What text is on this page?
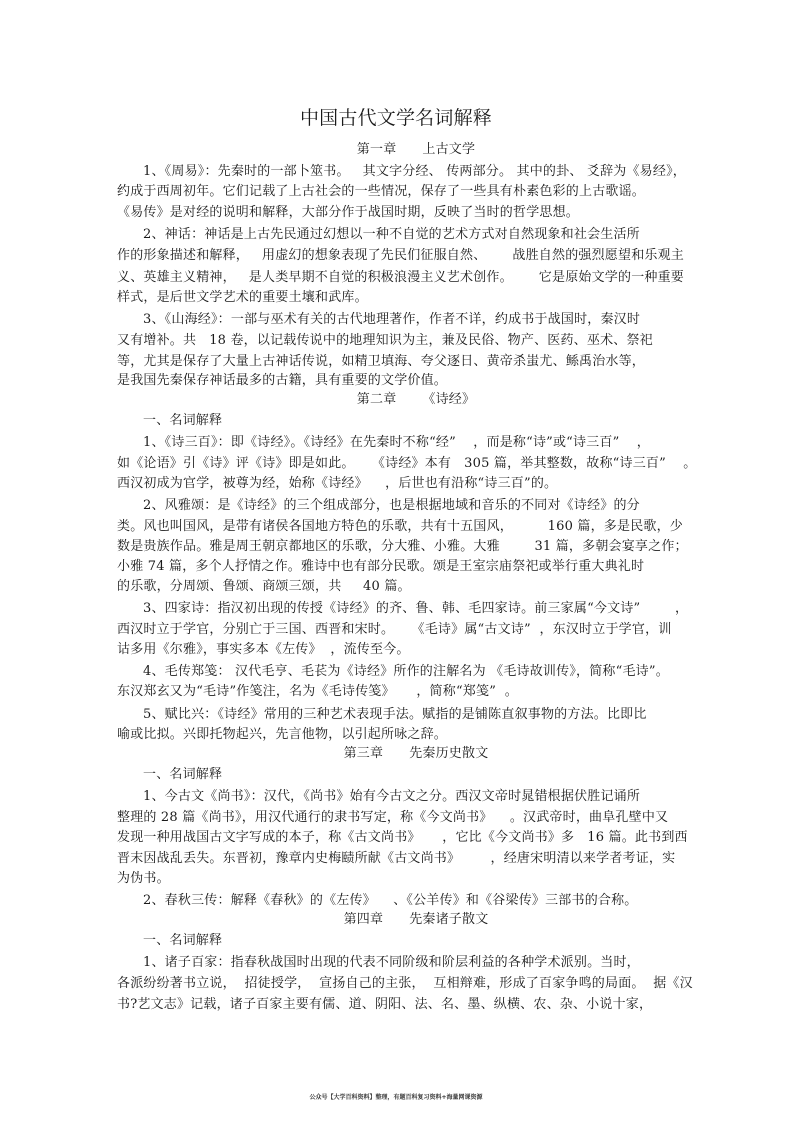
中国古代文学名词解释
第一章      上古文学
1、《周易》：先秦时的一部卜筮书。   其文字分经、 传两部分。 其中的卦、 爻辞为《易经》，
约成于西周初年。它们记载了上古社会的一些情况，保存了一些具有朴素色彩的上古歌谣。
《易传》是对经的说明和解释，大部分作于战国时期，反映了当时的哲学思想。
2、神话：神话是上古先民通过幻想以一种不自觉的艺术方式对自然现象和社会生活所
作的形象描述和解释，   用虚幻的想象表现了先民们征服自然、      战胜自然的强烈愿望和乐观主
义、英雄主义精神，   是人类早期不自觉的积极浪漫主义艺术创作。      它是原始文学的一种重要
样式，是后世文学艺术的重要土壤和武库。
3、《山海经》：一部与巫术有关的古代地理著作，作者不详，约成书于战国时，秦汉时
又有增补。共   18 卷，以记载传说中的地理知识为主，兼及民俗、物产、医药、巫术、祭祀
等，尤其是保存了大量上古神话传说，如精卫填海、夸父逐日、黄帝杀蚩尤、鲧禹治水等，
是我国先秦保存神话最多的古籍，具有重要的文学价值。
第二章      《诗经》
一、名词解释
1、《诗三百》：即《诗经》。《诗经》在先秦时不称“经”    ，而是称“诗”或“诗三百”    ，
如《论语》引《诗》评《诗》即是如此。    《诗经》本有   305 篇，举其整数，故称“诗三百”    。
西汉初成为官学，被尊为经，始称《诗经》    ，后世也有沿称“诗三百”的。
2、风雅颂：是《诗经》的三个组成部分，也是根据地域和音乐的不同对《诗经》的分
类。风也叫国风，是带有诸侯各国地方特色的乐歌，共有十五国风，        160 篇，多是民歌，少
数是贵族作品。雅是周王朝京都地区的乐歌，分大雅、小雅。大雅        31 篇，多朝会宴享之作；
小雅 74 篇，多个人抒情之作。雅诗中也有部分民歌。颂是王室宗庙祭祀或举行重大典礼时
的乐歌，分周颂、鲁颂、商颂三颂，共     40 篇。
3、四家诗：指汉初出现的传授《诗经》的齐、鲁、韩、毛四家诗。前三家属“今文诗”        ，
西汉时立于学官，分别亡于三国、西晋和宋时。    《毛诗》属“古文诗”  ，东汉时立于学官，训
诂多用《尔雅》，事实多本《左传》  ，流传至今。
4、毛传郑笺： 汉代毛亨、毛苌为《诗经》所作的注解名为 《毛诗故训传》，简称“毛诗”。
东汉郑玄又为“毛诗”作笺注，名为《毛诗传笺》     ，简称“郑笺”  。
5、赋比兴：《诗经》常用的三种艺术表现手法。赋指的是铺陈直叙事物的方法。比即比
喻或比拟。兴即托物起兴，先言他物，以引起所咏之辞。
第三章      先秦历史散文
一、名词解释
1、今古文《尚书》：汉代，《尚书》始有今古文之分。西汉文帝时晁错根据伏胜记诵所
整理的 28 篇《尚书》，用汉代通行的隶书写定，称《今文尚书》    。汉武帝时，曲阜孔壁中又
发现一种用战国古文字写成的本子，称《古文尚书》     ，它比《今文尚书》多   16 篇。此书到西
晋末因战乱丢失。东晋初，豫章内史梅赜所献《古文尚书》       ，经唐宋明清以来学者考证，实
为伪书。
2、春秋三传：解释《春秋》的《左传》    、《公羊传》和《谷梁传》三部书的合称。
第四章      先秦诸子散文
一、名词解释
1、诸子百家：指春秋战国时出现的代表不同阶级和阶层利益的各种学术派别。当时，
各派纷纷著书立说，  招徒授学，  宣扬自己的主张，  互相辩难，形成了百家争鸣的局面。  据《汉
书?艺文志》记载，诸子百家主要有儒、道、阴阳、法、名、墨、纵横、农、杂、小说十家，
公众号【大学百科资料】整理，有题百科复习资料+海量网课资源
